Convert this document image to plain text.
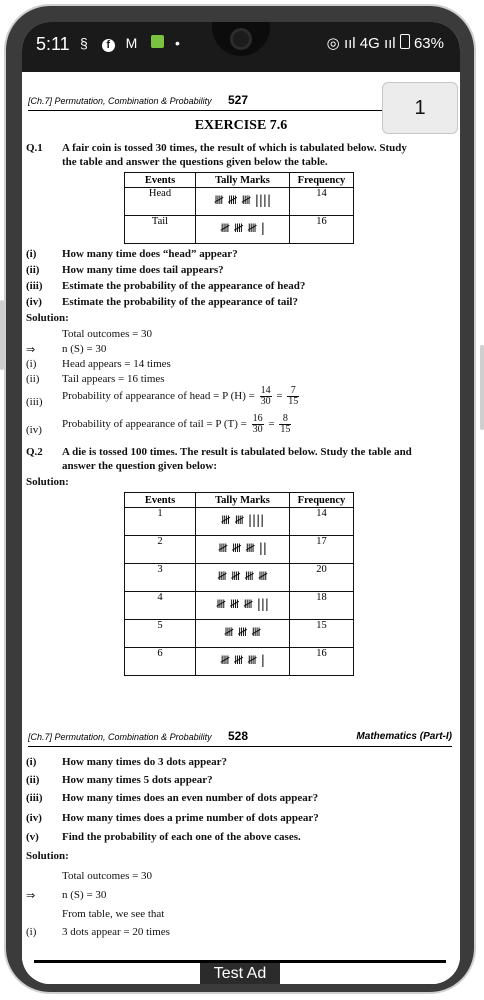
5:11 § f M •	◎ ııl 4G ııl 63%
[Ch.7] Permutation, Combination & Probability 527	1
EXERCISE 7.6
Q.1 A fair coin is tossed 30 times, the result of which is tabulated below. Study
the table and answer the questions given below the table.
Events	Tally Marks	Frequency
Head	𝍸 𝍸 𝍸 ||||	14
Tail	𝍸 𝍸 𝍸 |	16
(i) How many time does “head” appear?
(ii) How many time does tail appears?
(iii) Estimate the probability of the appearance of head?
(iv) Estimate the probability of the appearance of tail?
Solution:
Total outcomes = 30
⇒ n (S) = 30
(i) Head appears = 14 times
(ii) Tail appears = 16 times
(iii) Probability of appearance of head = P $(H) = \frac{14}{30} = \frac{7}{15}$
(iv) Probability of appearance of tail = P $(T) = \frac{16}{30} = \frac{8}{15}$
Q.2 A die is tossed 100 times. The result is tabulated below. Study the table and
answer the question given below:
Solution:
Events	Tally Marks	Frequency
1	𝍸 𝍸 ||||	14
2	𝍸 𝍸 𝍸 ||	17
3	𝍸 𝍸 𝍸 𝍸	20
4	𝍸 𝍸 𝍸 |||	18
5	𝍸 𝍸 𝍸	15
6	𝍸 𝍸 𝍸 |	16
[Ch.7] Permutation, Combination & Probability 528	Mathematics (Part-I)
(i) How many times do 3 dots appear?
(ii) How many times 5 dots appear?
(iii) How many times does an even number of dots appear?
(iv) How many times does a prime number of dots appear?
(v) Find the probability of each one of the above cases.
Solution:
Total outcomes = 30
⇒ n (S) = 30
From table, we see that
(i) 3 dots appear = 20 times
Test Ad
